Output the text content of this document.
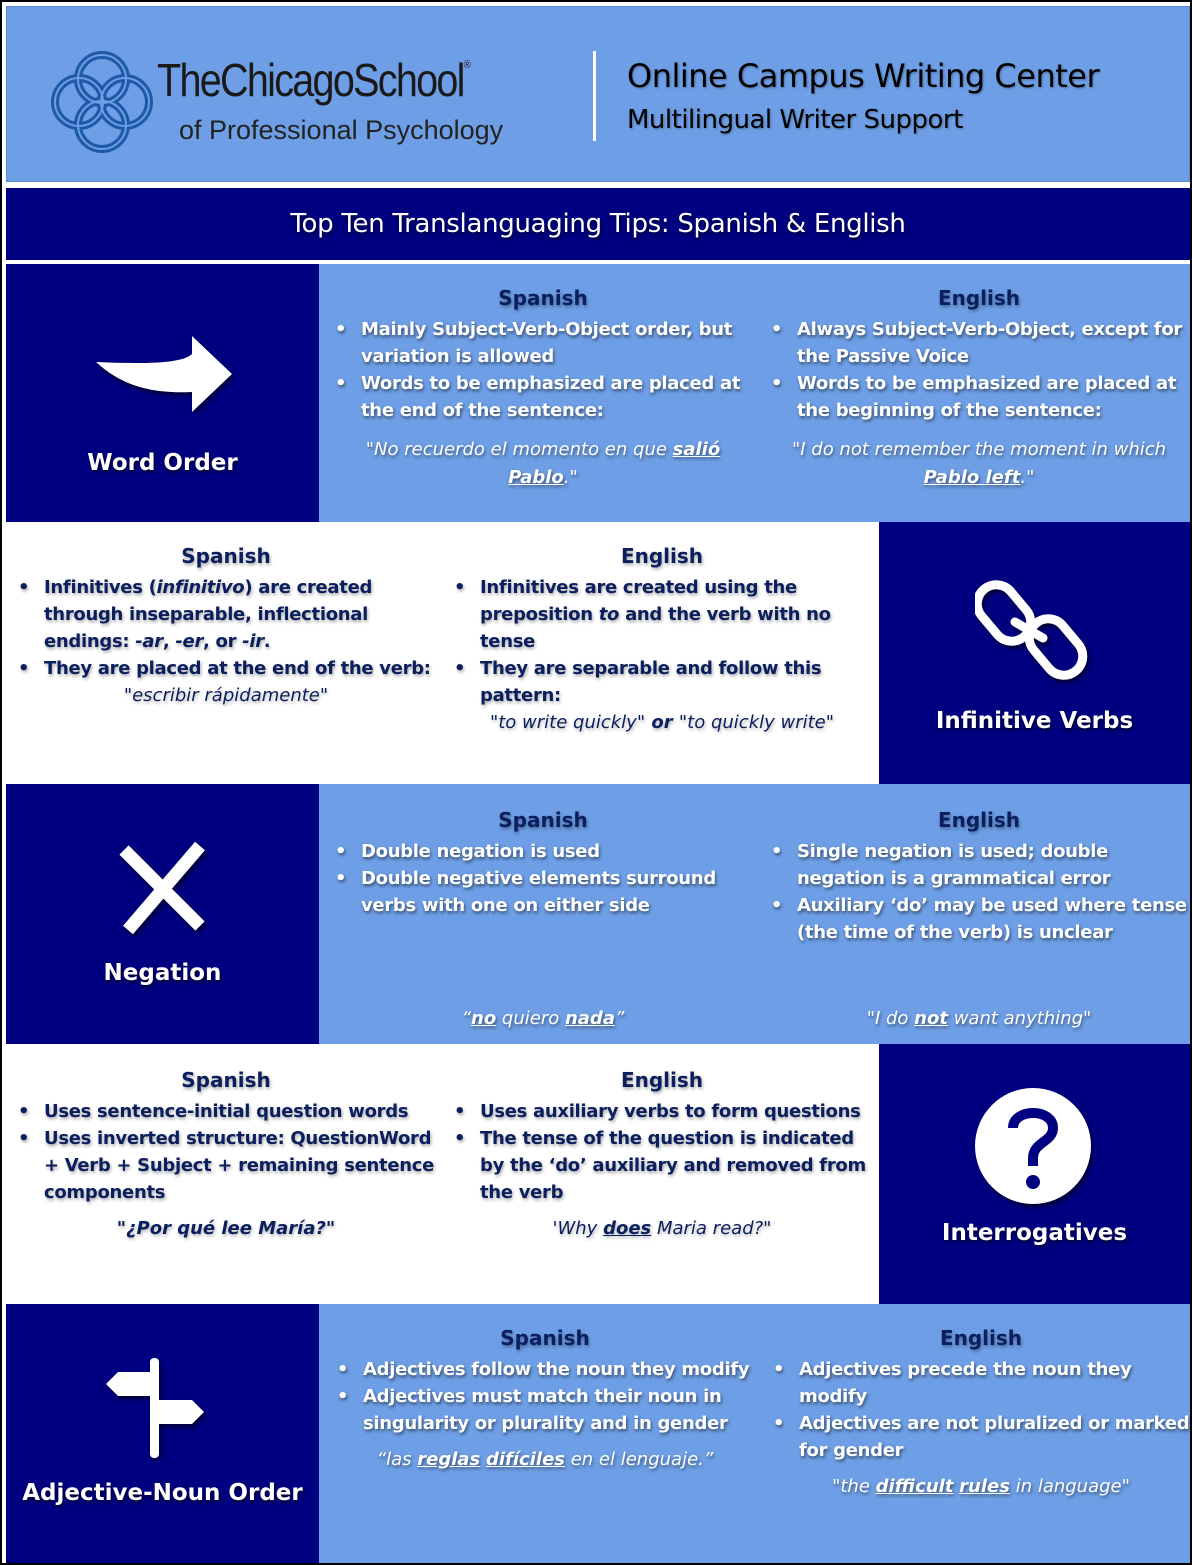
TheChicagoSchool®
of Professional Psychology
Online Campus Writing Center
Multilingual Writer Support
Top Ten Translanguaging Tips: Spanish & English
Word Order
Spanish
• Mainly Subject-Verb-Object order, but variation is allowed
• Words to be emphasized are placed at the end of the sentence:
"No recuerdo el momento en que salió Pablo."
English
• Always Subject-Verb-Object, except for the Passive Voice
• Words to be emphasized are placed at the beginning of the sentence:
"I do not remember the moment in which Pablo left."
Spanish
• Infinitives (infinitivo) are created through inseparable, inflectional endings: -ar, -er, or -ir.
• They are placed at the end of the verb:
"escribir rápidamente"
English
• Infinitives are created using the preposition to and the verb with no tense
• They are separable and follow this pattern:
"to write quickly" or "to quickly write"	Infinitive Verbs
Negation
Spanish
• Double negation is used
• Double negative elements surround verbs with one on either side
“no quiero nada”
English
• Single negation is used; double negation is a grammatical error
• Auxiliary ‘do’ may be used where tense (the time of the verb) is unclear
"I do not want anything"
Spanish
• Uses sentence-initial question words
• Uses inverted structure: QuestionWord + Verb + Subject + remaining sentence components
"¿Por qué lee María?"
English
• Uses auxiliary verbs to form questions
• The tense of the question is indicated by the ‘do’ auxiliary and removed from the verb
'Why does Maria read?"	Interrogatives
Adjective-Noun Order
Spanish
• Adjectives follow the noun they modify
• Adjectives must match their noun in singularity or plurality and in gender
“las reglas difíciles en el lenguaje.”
English
• Adjectives precede the noun they modify
• Adjectives are not pluralized or marked for gender
"the difficult rules in language"
